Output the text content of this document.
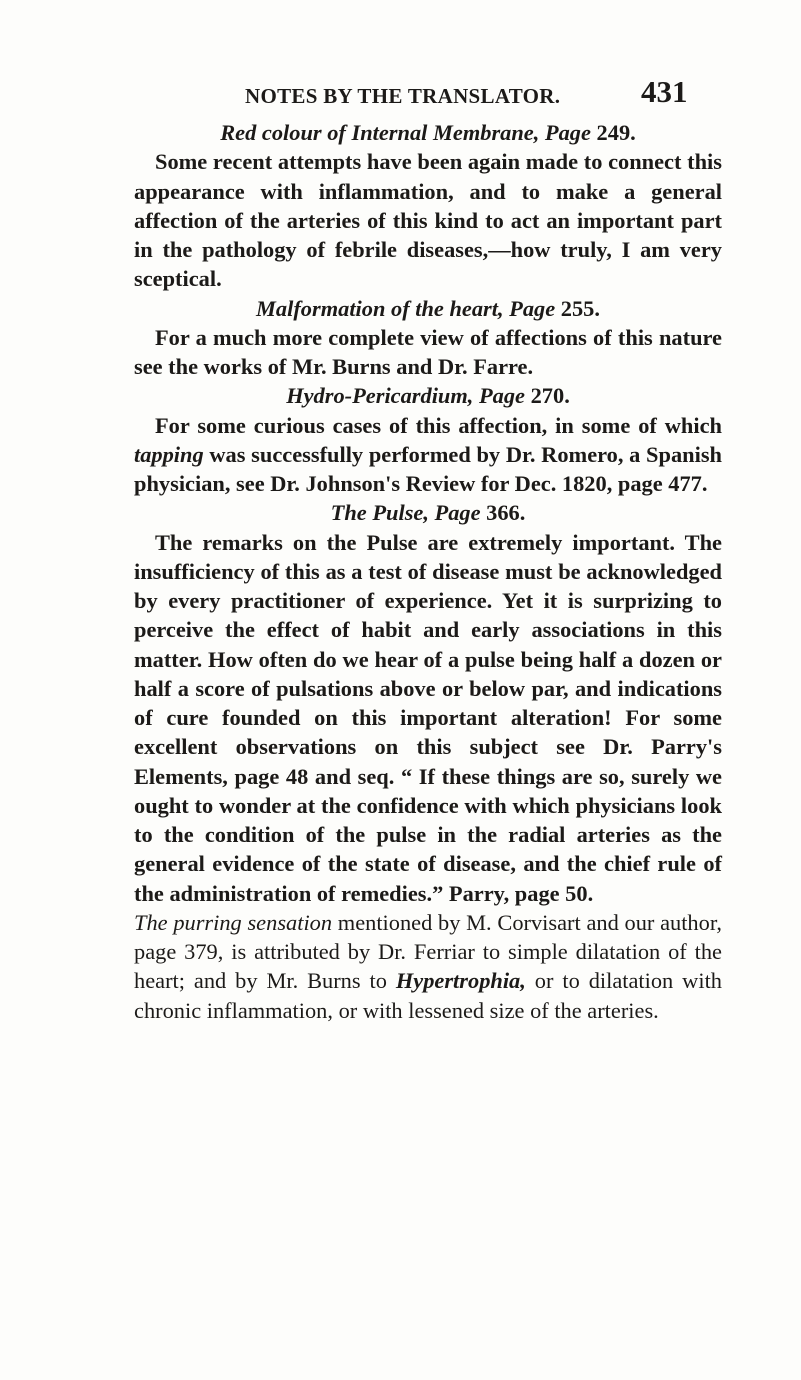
NOTES BY THE TRANSLATOR.	431

Red colour of Internal Membrane, Page 249.

Some recent attempts have been again made to connect this appearance with inflammation, and to make a general affection of the arteries of this kind to act an important part in the pathology of febrile diseases,—how truly, I am very sceptical.

Malformation of the heart, Page 255.

For a much more complete view of affections of this nature see the works of Mr. Burns and Dr. Farre.

Hydro-Pericardium, Page 270.

For some curious cases of this affection, in some of which tapping was successfully performed by Dr. Romero, a Spanish physician, see Dr. Johnson's Review for Dec. 1820, page 477.

The Pulse, Page 366.

The remarks on the Pulse are extremely important. The insufficiency of this as a test of disease must be acknowledged by every practitioner of experience. Yet it is surprizing to perceive the effect of habit and early associations in this matter. How often do we hear of a pulse being half a dozen or half a score of pulsations above or below par, and indications of cure founded on this important alteration! For some excellent observations on this subject see Dr. Parry's Elements, page 48 and seq. “ If these things are so, surely we ought to wonder at the confidence with which physicians look to the condition of the pulse in the radial arteries as the general evidence of the state of disease, and the chief rule of the administration of remedies.” Parry, page 50.

The purring sensation mentioned by M. Corvisart and our author, page 379, is attributed by Dr. Ferriar to simple dilatation of the heart; and by Mr. Burns to Hypertrophia, or to dilatation with chronic inflammation, or with lessened size of the arteries.
